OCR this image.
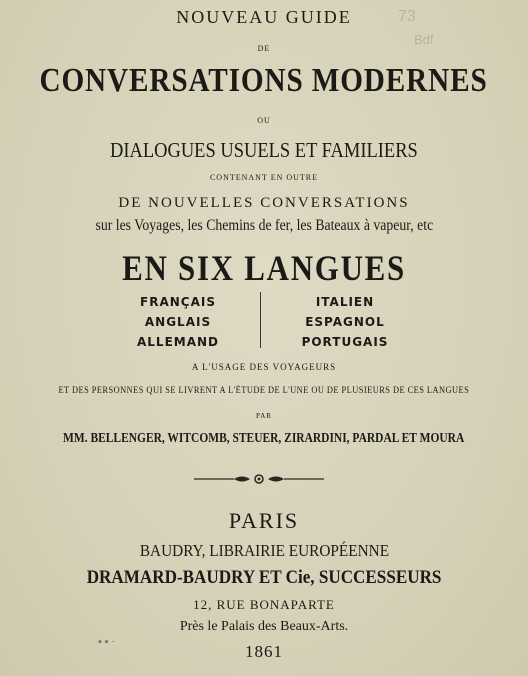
NOUVEAU GUIDE	73
Bdf
DE
CONVERSATIONS MODERNES
OU
DIALOGUES USUELS ET FAMILIERS
CONTENANT EN OUTRE
DE NOUVELLES CONVERSATIONS
sur les Voyages, les Chemins de fer, les Bateaux à vapeur, etc
EN SIX LANGUES
FRANÇAIS
ANGLAIS
ALLEMAND
ITALIEN
ESPAGNOL
PORTUGAIS
A L'USAGE DES VOYAGEURS
ET DES PERSONNES QUI SE LIVRENT A L'ÉTUDE DE L'UNE OU DE PLUSIEURS DE CES LANGUES
PAR
MM. BELLENGER, WITCOMB, STEUER, ZIRARDINI, PARDAL ET MOURA
PARIS
BAUDRY, LIBRAIRIE EUROPÉENNE
DRAMARD-BAUDRY ET Cie, SUCCESSEURS
12, RUE BONAPARTE
Près le Palais des Beaux-Arts.
1861
▪ ▪ ·
